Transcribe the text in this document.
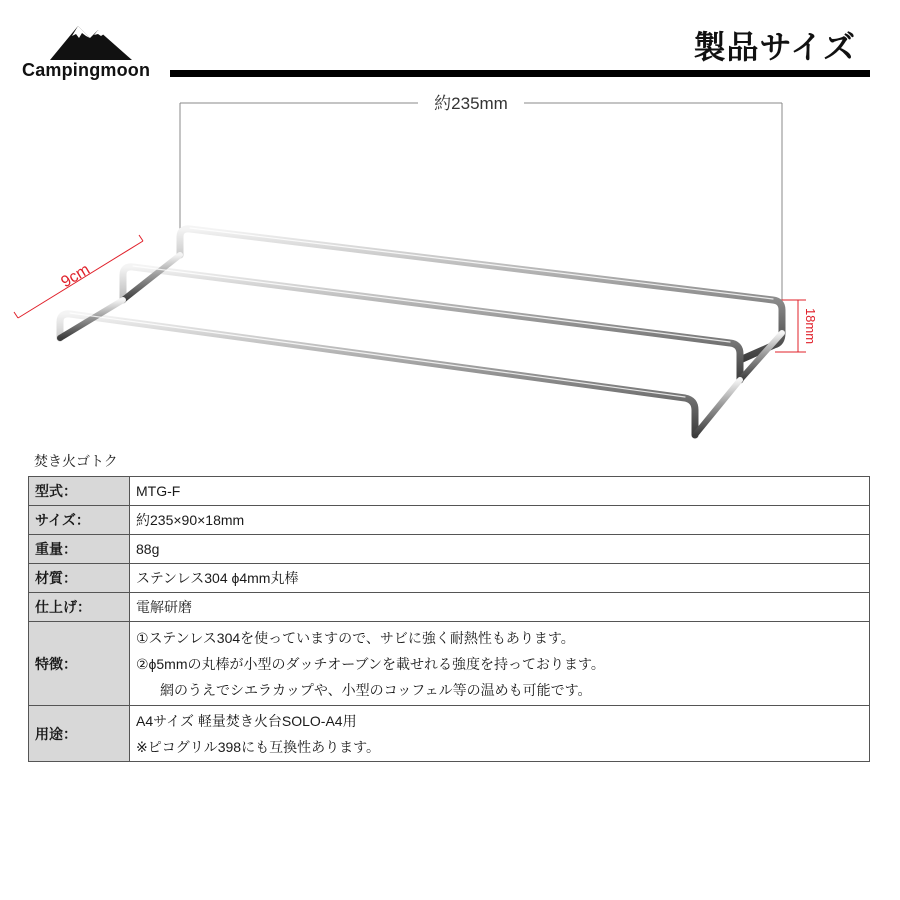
Campingmoon
製品サイズ
約235mm
9cm
18mm
焚き火ゴトク
型式：	MTG-F

サイズ：	約235×90×18mm

重量：	88g

材質：	ステンレス304 ϕ4mm丸棒

仕上げ：	電解研磨

特徴：	①ステンレス304を使っていますので、サビに強く耐熱性もあります。
②ϕ5mmの丸棒が小型のダッチオーブンを載せれる強度を持っております。
網のうえでシエラカップや、小型のコッフェル等の温めも可能です。

用途：	A4サイズ 軽量焚き火台SOLO-A4用
※ピコグリル398にも互換性あります。
